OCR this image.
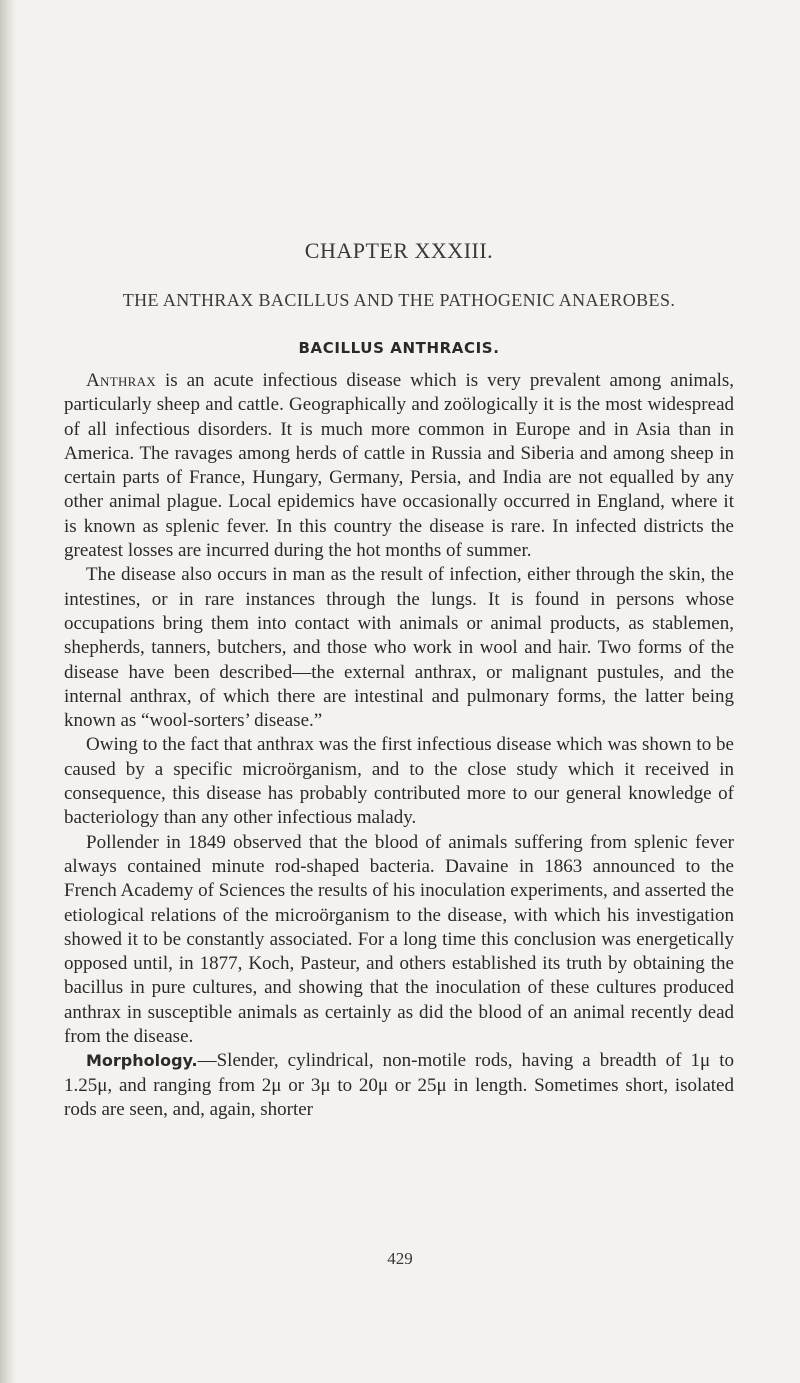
CHAPTER XXXIII.
THE ANTHRAX BACILLUS AND THE PATHOGENIC ANAEROBES.
BACILLUS ANTHRACIS.

Anthrax is an acute infectious disease which is very prevalent among animals, particularly sheep and cattle. Geographically and zoölogically it is the most widespread of all infectious disorders. It is much more common in Europe and in Asia than in America. The ravages among herds of cattle in Russia and Siberia and among sheep in certain parts of France, Hungary, Germany, Persia, and India are not equalled by any other animal plague. Local epidemics have occasionally occurred in England, where it is known as splenic fever. In this country the disease is rare. In infected districts the greatest losses are incurred during the hot months of summer.

The disease also occurs in man as the result of infection, either through the skin, the intestines, or in rare instances through the lungs. It is found in persons whose occupations bring them into contact with animals or animal products, as stablemen, shepherds, tanners, butchers, and those who work in wool and hair. Two forms of the disease have been described—the external anthrax, or malignant pustules, and the internal anthrax, of which there are intestinal and pulmonary forms, the latter being known as “wool-sorters’ disease.”

Owing to the fact that anthrax was the first infectious disease which was shown to be caused by a specific microörganism, and to the close study which it received in consequence, this disease has probably contributed more to our general knowledge of bacteriology than any other infectious malady.

Pollender in 1849 observed that the blood of animals suffering from splenic fever always contained minute rod-shaped bacteria. Davaine in 1863 announced to the French Academy of Sciences the results of his inoculation experiments, and asserted the etiological relations of the microörganism to the disease, with which his investigation showed it to be constantly associated. For a long time this conclusion was energetically opposed until, in 1877, Koch, Pasteur, and others established its truth by obtaining the bacillus in pure cultures, and showing that the inoculation of these cultures produced anthrax in susceptible animals as certainly as did the blood of an animal recently dead from the disease.

Morphology.—Slender, cylindrical, non-motile rods, having a breadth of 1μ to 1.25μ, and ranging from 2μ or 3μ to 20μ or 25μ in length. Sometimes short, isolated rods are seen, and, again, shorter

429
